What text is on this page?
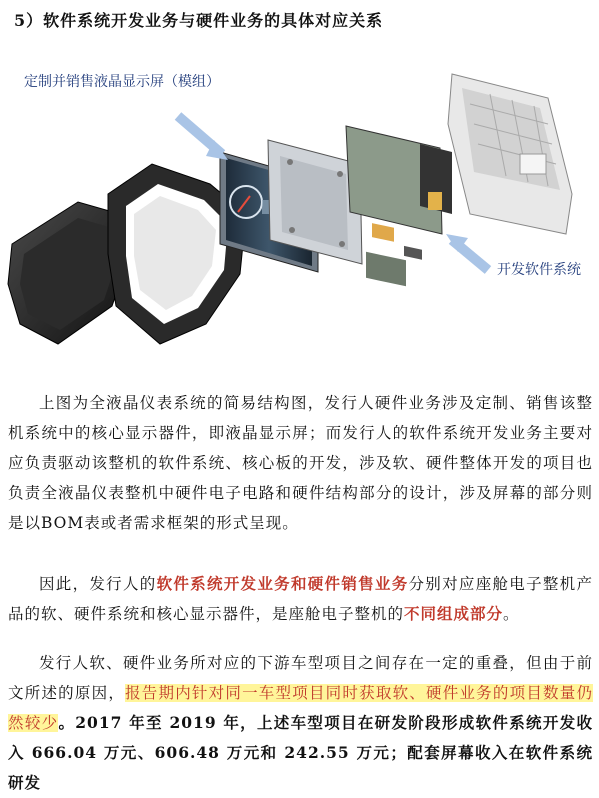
5）软件系统开发业务与硬件业务的具体对应关系
定制并销售液晶显示屏（模组）
开发软件系统

上图为全液晶仪表系统的简易结构图，发行人硬件业务涉及定制、销售该整机系统中的核心显示器件，即液晶显示屏；而发行人的软件系统开发业务主要对应负责驱动该整机的软件系统、核心板的开发，涉及软、硬件整体开发的项目也负责全液晶仪表整机中硬件电子电路和硬件结构部分的设计，涉及屏幕的部分则是以BOM表或者需求框架的形式呈现。

因此，发行人的软件系统开发业务和硬件销售业务分别对应座舱电子整机产品的软、硬件系统和核心显示器件，是座舱电子整机的不同组成部分。

发行人软、硬件业务所对应的下游车型项目之间存在一定的重叠，但由于前文所述的原因，报告期内针对同一车型项目同时获取软、硬件业务的项目数量仍然较少。2017 年至 2019 年，上述车型项目在研发阶段形成软件系统开发收入 666.04 万元、606.48 万元和 242.55 万元；配套屏幕收入在软件系统研发
